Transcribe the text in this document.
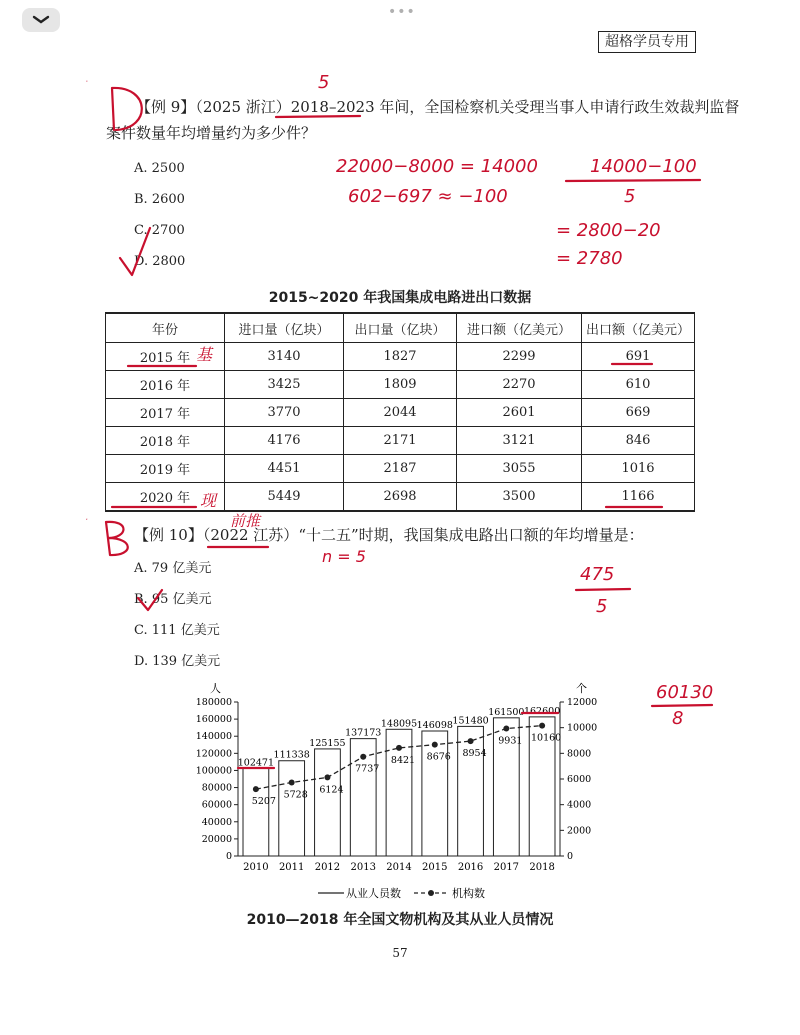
•••
超格学员专用
【例 9】（2025 浙江）2018–2023 年间，全国检察机关受理当事人申请行政生效裁判监督
案件数量年均增量约为多少件？
A. 2500
B. 2600
C. 2700
D. 2800
2015~2020 年我国集成电路进出口数据
年份	进口量（亿块）	出口量（亿块）	进口额（亿美元）	出口额（亿美元）
2015 年	3140	1827	2299	691
2016 年	3425	1809	2270	610
2017 年	3770	2044	2601	669
2018 年	4176	2171	3121	846
2019 年	4451	2187	3055	1016
2020 年	5449	2698	3500	1166
【例 10】（2022 江苏）“十二五”时期，我国集成电路出口额的年均增量是：
A. 79 亿美元
B. 95 亿美元
C. 111 亿美元
D. 139 亿美元
人	个
0
20000
40000
60000
80000
100000
120000
140000
160000
180000
0
2000
4000
6000
8000
10000
12000
102471
2010
111338
2011
125155
2012
137173
2013
148095
2014
146098
2015
151480
2016
161500
2017
162600
2018
5207
5728 6124
7737
8421 8676 8954
9931 10160
从业人员数	机构数
2010—2018 年全国文物机构及其从业人员情况
57
D	5
22000−8000 = 14000
602−697 ≈ −100
14000−100
5
= 2800−20
= 2780
基
现
前推
B
n = 5
475
5
60130
8
